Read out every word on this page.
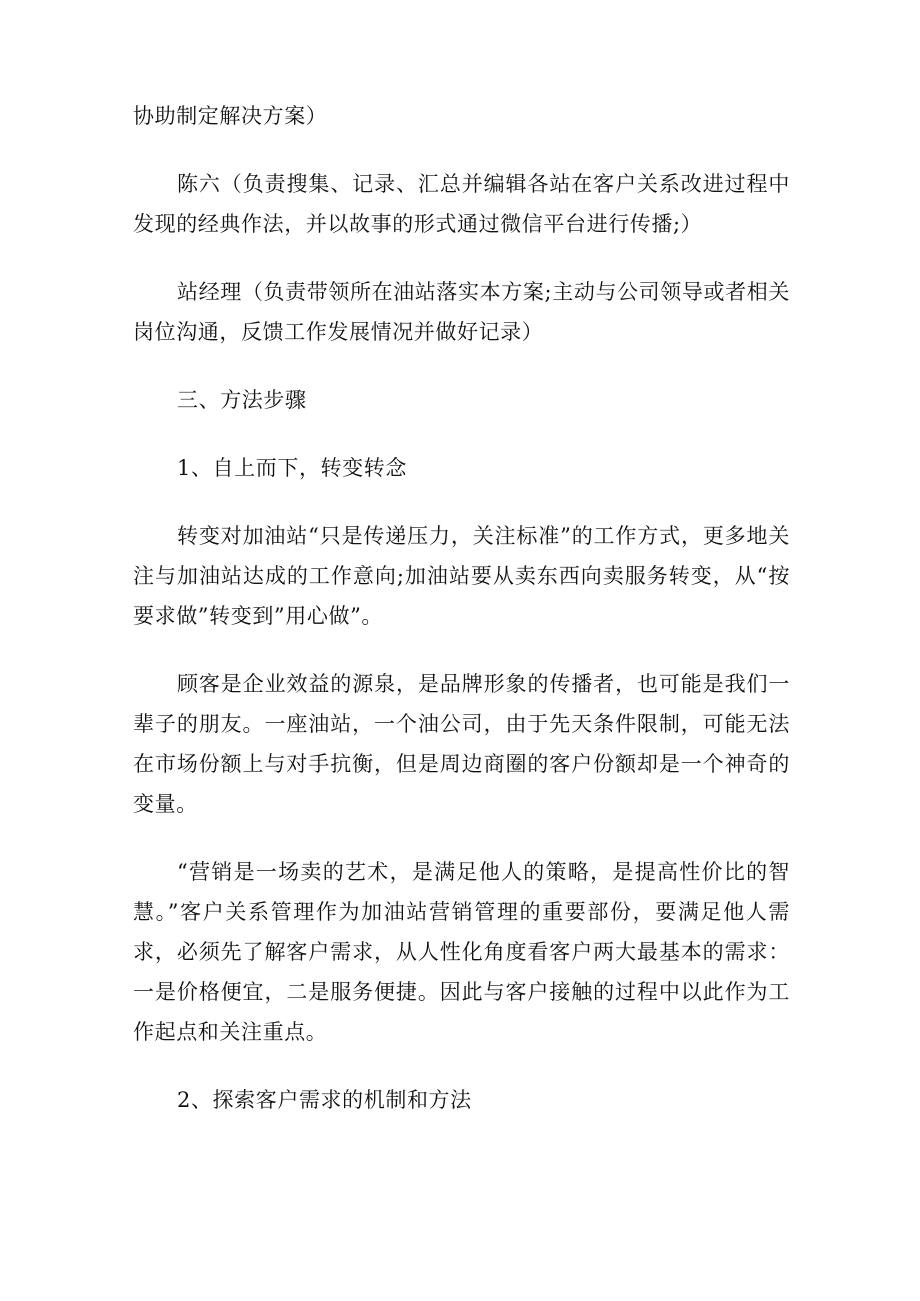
协助制定解决方案）

陈六（负责搜集、记录、汇总并编辑各站在客户关系改进过程中发现的经典作法，并以故事的形式通过微信平台进行传播;）

站经理（负责带领所在油站落实本方案;主动与公司领导或者相关岗位沟通，反馈工作发展情况并做好记录）

三、方法步骤

1、自上而下，转变转念

转变对加油站“只是传递压力，关注标准”的工作方式，更多地关注与加油站达成的工作意向;加油站要从卖东西向卖服务转变，从“按要求做”转变到”用心做”。

顾客是企业效益的源泉，是品牌形象的传播者，也可能是我们一辈子的朋友。一座油站，一个油公司，由于先天条件限制，可能无法在市场份额上与对手抗衡，但是周边商圈的客户份额却是一个神奇的变量。

“营销是一场卖的艺术，是满足他人的策略，是提高性价比的智慧。”客户关系管理作为加油站营销管理的重要部份，要满足他人需求，必须先了解客户需求，从人性化角度看客户两大最基本的需求：一是价格便宜，二是服务便捷。因此与客户接触的过程中以此作为工作起点和关注重点。

2、探索客户需求的机制和方法
